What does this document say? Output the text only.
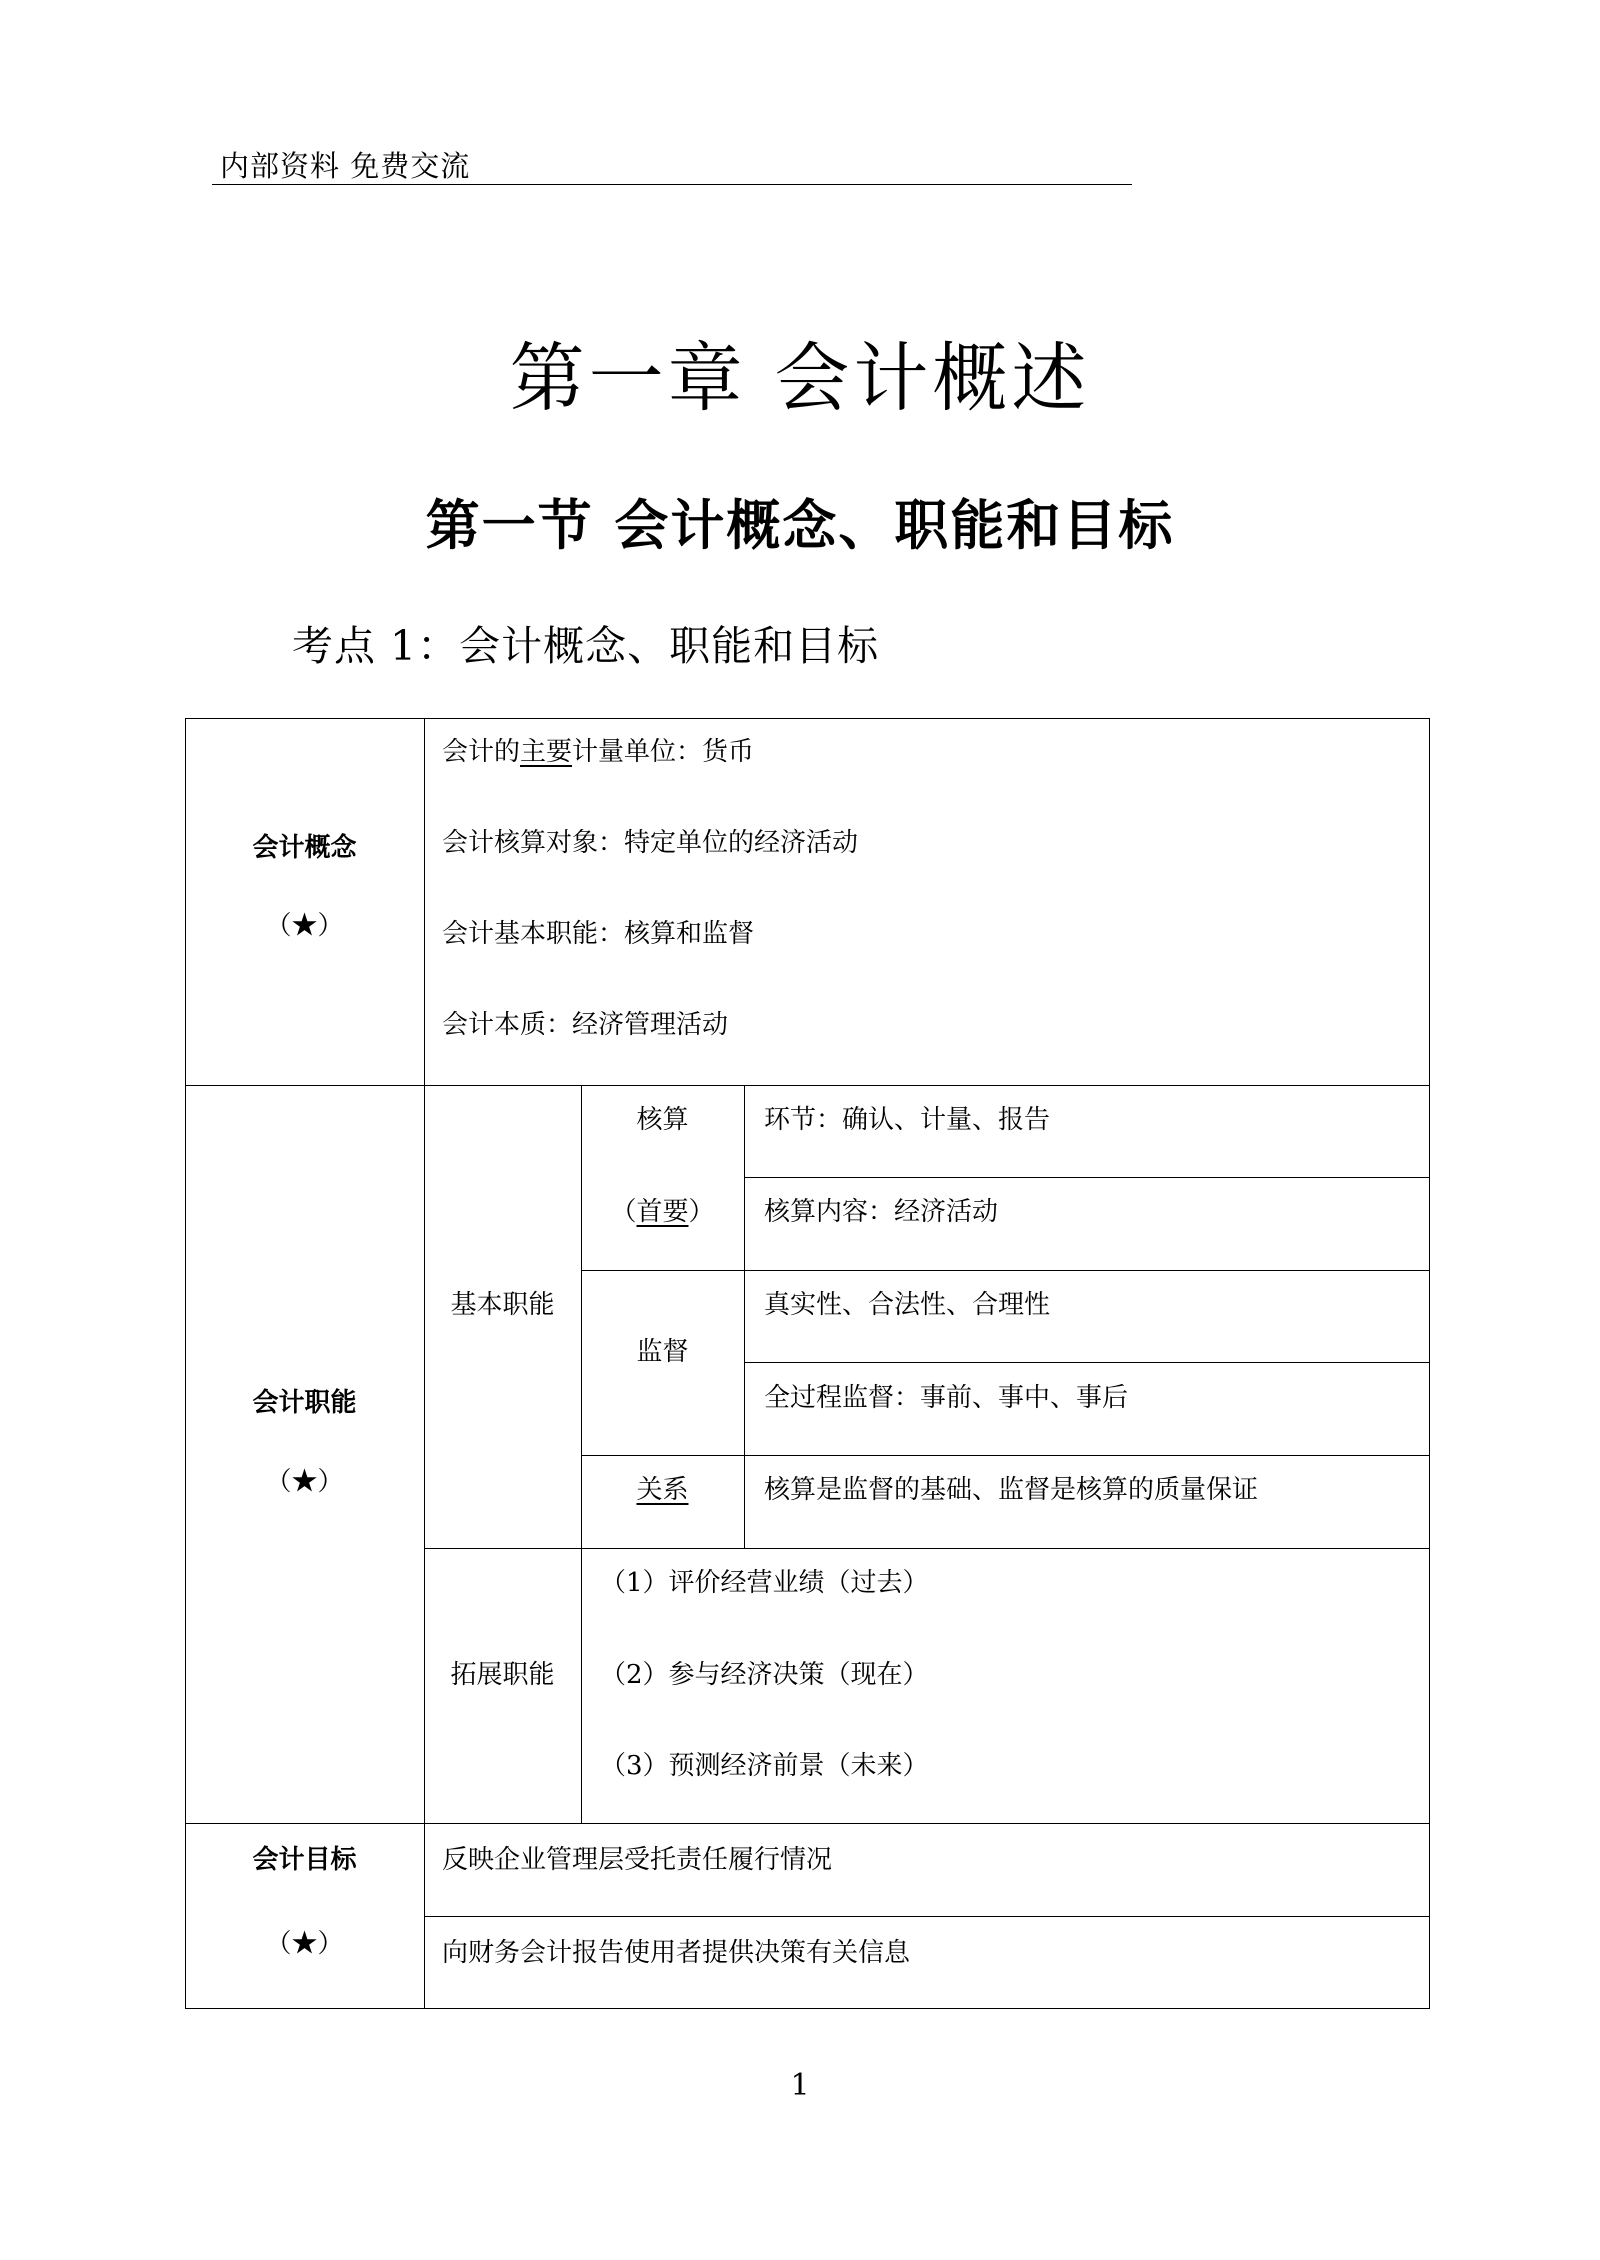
内部资料 免费交流
第一章 会计概述
第一节 会计概念、职能和目标
考点 1：会计概念、职能和目标
会计概念
（★）
会计的主要计量单位：货币
会计核算对象：特定单位的经济活动
会计基本职能：核算和监督
会计本质：经济管理活动
会计职能
（★）
基本职能
核算
（首要）
环节：确认、计量、报告
核算内容：经济活动
监督
真实性、合法性、合理性
全过程监督：事前、事中、事后
关系	核算是监督的基础、监督是核算的质量保证
拓展职能
（1）评价经营业绩（过去）
（2）参与经济决策（现在）
（3）预测经济前景（未来）
会计目标
（★）
反映企业管理层受托责任履行情况
向财务会计报告使用者提供决策有关信息
1
